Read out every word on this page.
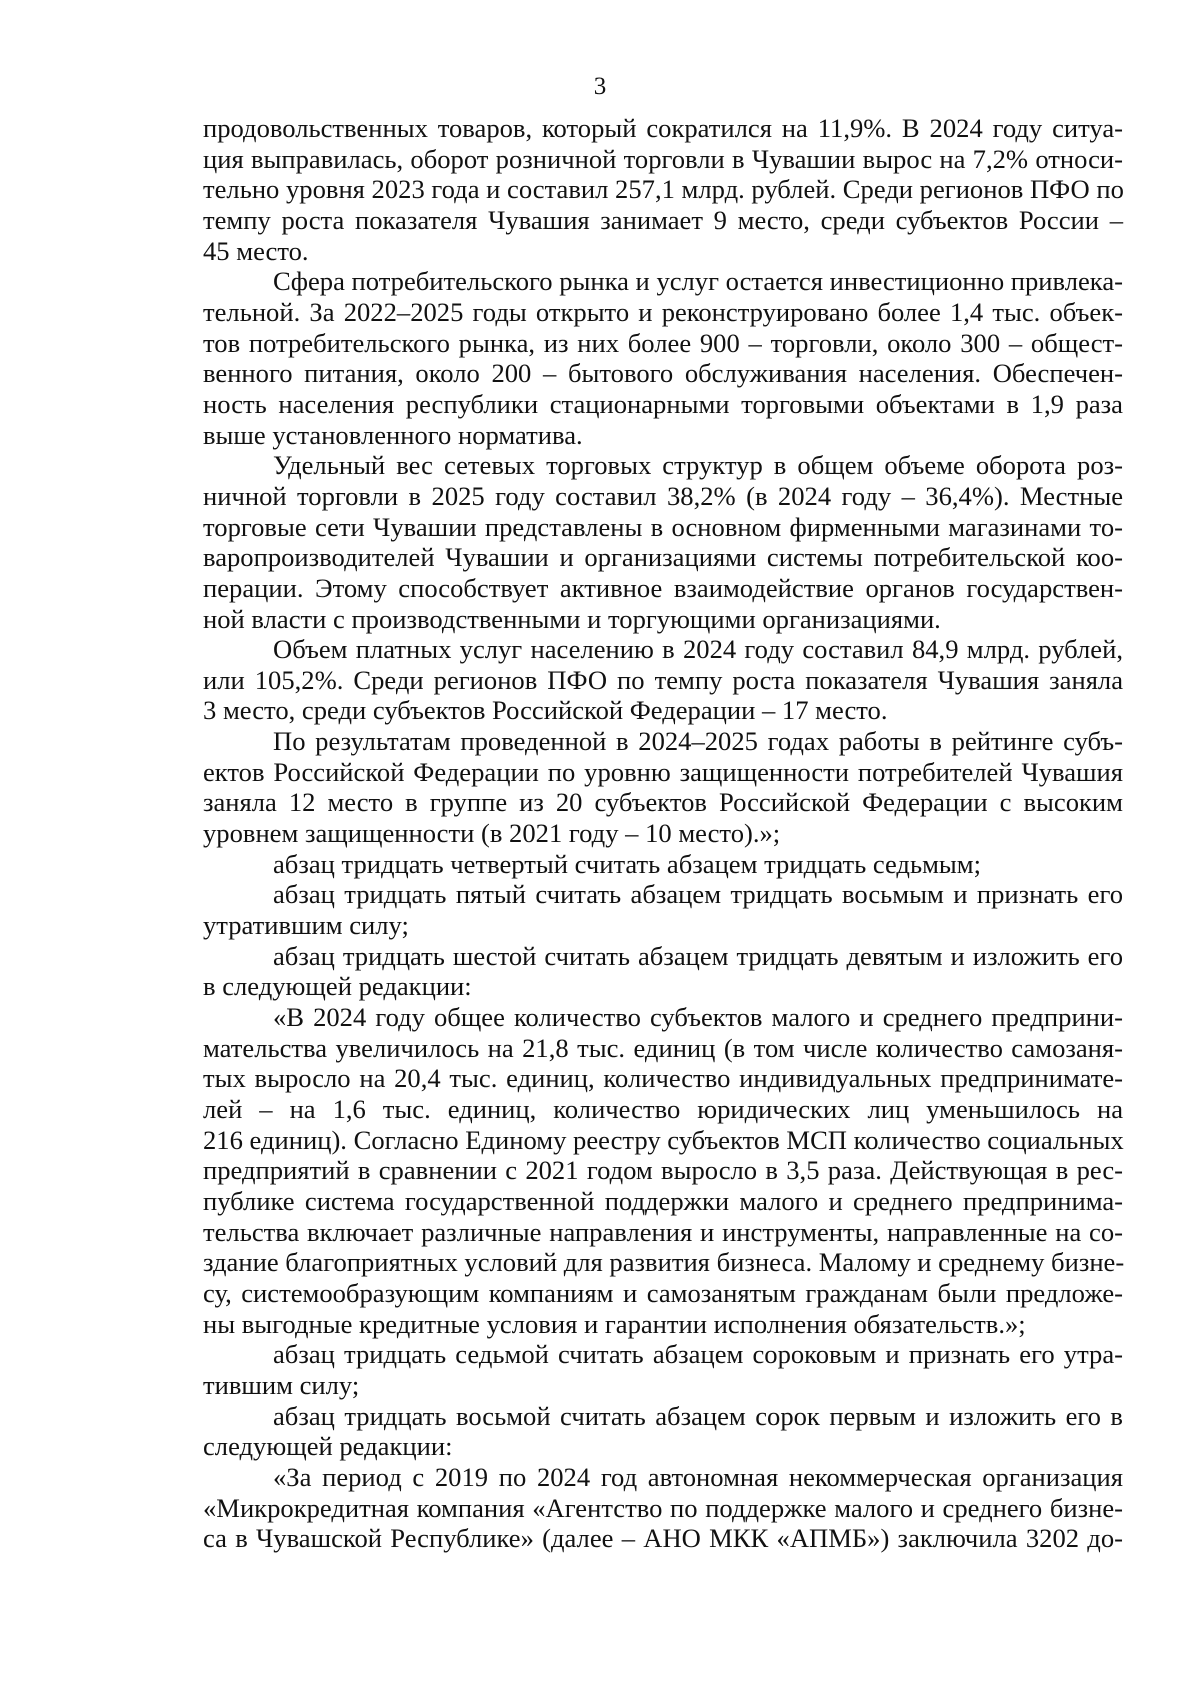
3
продовольственных товаров, который сократился на 11,9%. В 2024 году ситуа-
ция выправилась, оборот розничной торговли в Чувашии вырос на 7,2% относи-
тельно уровня 2023 года и составил 257,1 млрд. рублей. Среди регионов ПФО по
темпу роста показателя Чувашия занимает 9 место, среди субъектов России –
45 место.
Сфера потребительского рынка и услуг остается инвестиционно привлека-
тельной. За 2022–2025 годы открыто и реконструировано более 1,4 тыс. объек-
тов потребительского рынка, из них более 900 – торговли, около 300 – общест-
венного питания, около 200 – бытового обслуживания населения. Обеспечен-
ность населения республики стационарными торговыми объектами в 1,9 раза
выше установленного норматива.
Удельный вес сетевых торговых структур в общем объеме оборота роз-
ничной торговли в 2025 году составил 38,2% (в 2024 году – 36,4%). Местные
торговые сети Чувашии представлены в основном фирменными магазинами то-
варопроизводителей Чувашии и организациями системы потребительской коо-
перации. Этому способствует активное взаимодействие органов государствен-
ной власти с производственными и торгующими организациями.
Объем платных услуг населению в 2024 году составил 84,9 млрд. рублей,
или 105,2%. Среди регионов ПФО по темпу роста показателя Чувашия заняла
3 место, среди субъектов Российской Федерации – 17 место.
По результатам проведенной в 2024–2025 годах работы в рейтинге субъ-
ектов Российской Федерации по уровню защищенности потребителей Чувашия
заняла 12 место в группе из 20 субъектов Российской Федерации с высоким
уровнем защищенности (в 2021 году – 10 место).»;
абзац тридцать четвертый считать абзацем тридцать седьмым;
абзац тридцать пятый считать абзацем тридцать восьмым и признать его
утратившим силу;
абзац тридцать шестой считать абзацем тридцать девятым и изложить его
в следующей редакции:
«В 2024 году общее количество субъектов малого и среднего предприни-
мательства увеличилось на 21,8 тыс. единиц (в том числе количество самозаня-
тых выросло на 20,4 тыс. единиц, количество индивидуальных предпринимате-
лей – на 1,6 тыс. единиц, количество юридических лиц уменьшилось на
216 единиц). Согласно Единому реестру субъектов МСП количество социальных
предприятий в сравнении с 2021 годом выросло в 3,5 раза. Действующая в рес-
публике система государственной поддержки малого и среднего предпринима-
тельства включает различные направления и инструменты, направленные на со-
здание благоприятных условий для развития бизнеса. Малому и среднему бизне-
су, системообразующим компаниям и самозанятым гражданам были предложе-
ны выгодные кредитные условия и гарантии исполнения обязательств.»;
абзац тридцать седьмой считать абзацем сороковым и признать его утра-
тившим силу;
абзац тридцать восьмой считать абзацем сорок первым и изложить его в
следующей редакции:
«За период с 2019 по 2024 год автономная некоммерческая организация
«Микрокредитная компания «Агентство по поддержке малого и среднего бизне-
са в Чувашской Республике» (далее – АНО МКК «АПМБ») заключила 3202 до-
